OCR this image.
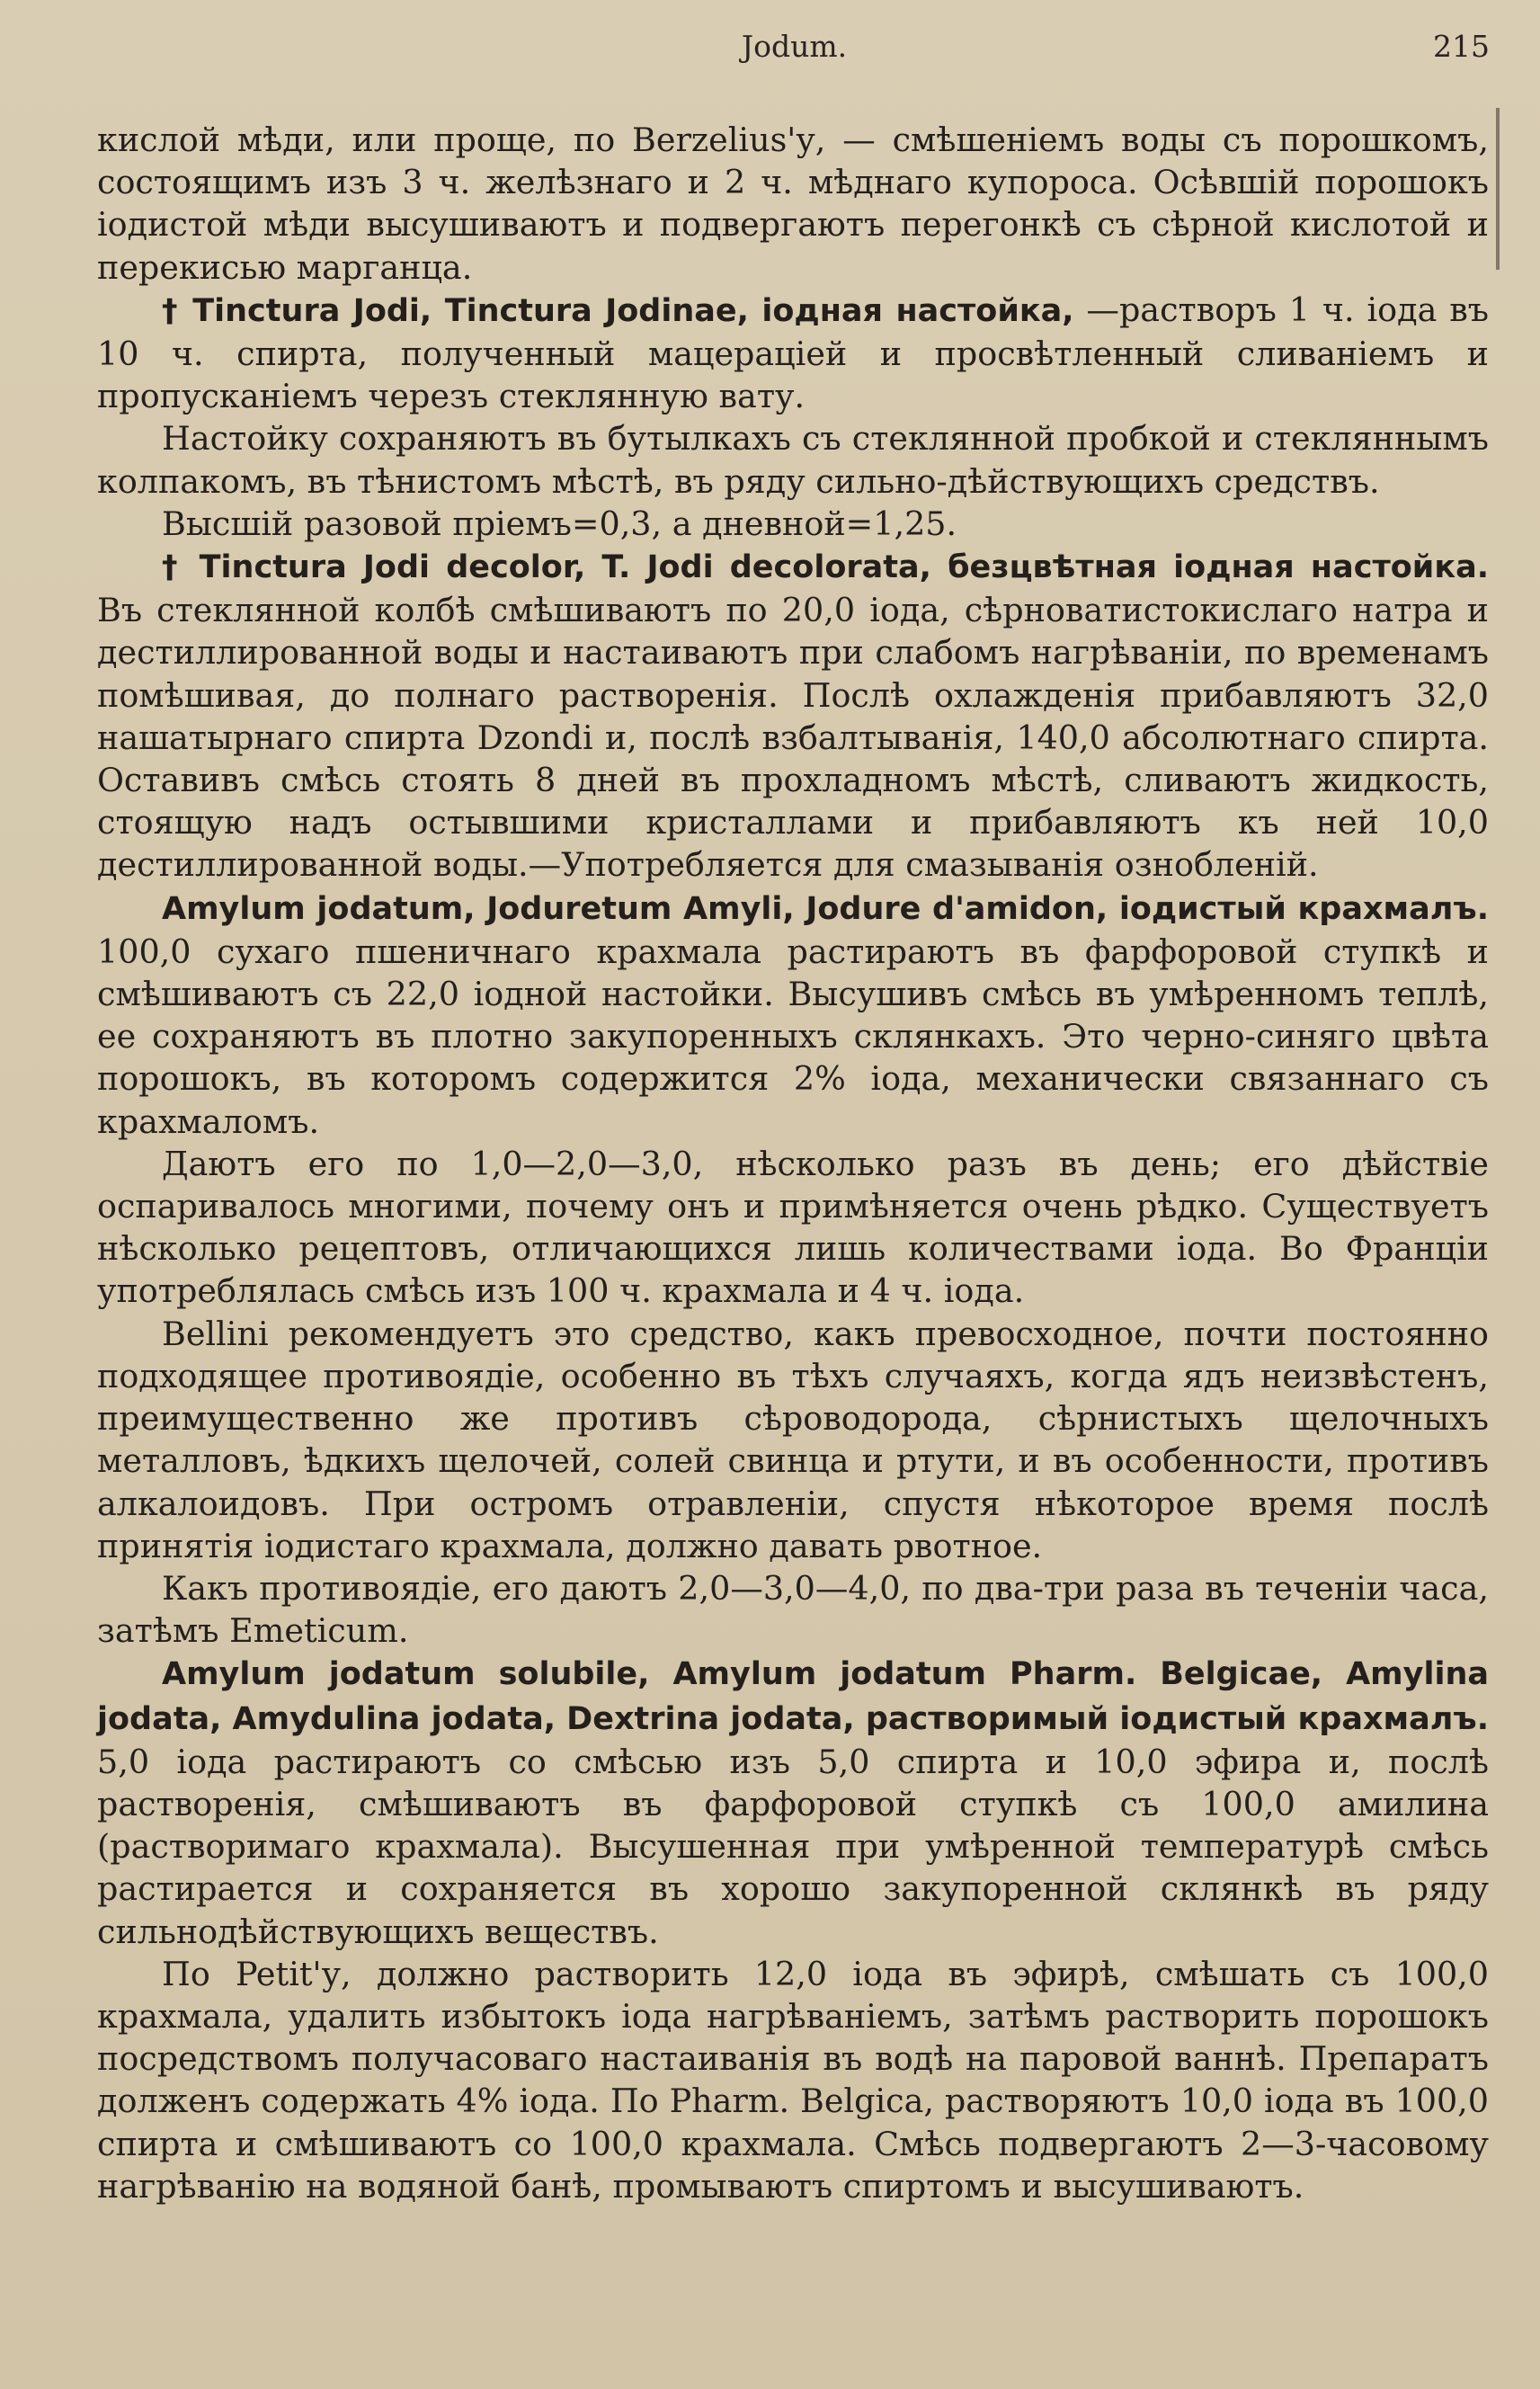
Jodum.	215

кислой мѣди, или проще, по Berzelius'у, — смѣшеніемъ воды съ порошкомъ, состоящимъ изъ 3 ч. желѣзнаго и 2 ч. мѣднаго купороса. Осѣвшій порошокъ іодистой мѣди высушиваютъ и подвергаютъ перегонкѣ съ сѣрной кислотой и перекисью марганца.

† Tinctura Jodi, Tinctura Jodinae, іодная настойка, —растворъ 1 ч. іода въ 10 ч. спирта, полученный мацераціей и просвѣтленный сливаніемъ и пропусканіемъ черезъ стеклянную вату.

Настойку сохраняютъ въ бутылкахъ съ стеклянной пробкой и стекляннымъ колпакомъ, въ тѣнистомъ мѣстѣ, въ ряду сильно-дѣйствующихъ средствъ.

Высшій разовой пріемъ=0,3, а дневной=1,25.

† Tinctura Jodi decolor, T. Jodi decolorata, безцвѣтная іодная настойка. Въ стеклянной колбѣ смѣшиваютъ по 20,0 іода, сѣрноватистокислаго натра и дестиллированной воды и настаиваютъ при слабомъ нагрѣваніи, по временамъ помѣшивая, до полнаго растворенія. Послѣ охлажденія прибавляютъ 32,0 нашатырнаго спирта Dzondi и, послѣ взбалтыванія, 140,0 абсолютнаго спирта. Оставивъ смѣсь стоять 8 дней въ прохладномъ мѣстѣ, сливаютъ жидкость, стоящую надъ остывшими кристаллами и прибавляютъ къ ней 10,0 дестиллированной воды.—Употребляется для смазыванія ознобленій.

Amylum jodatum, Joduretum Amyli, Jodure d'amidon, іодистый крахмалъ. 100,0 сухаго пшеничнаго крахмала растираютъ въ фарфоровой ступкѣ и смѣшиваютъ съ 22,0 іодной настойки. Высушивъ смѣсь въ умѣренномъ теплѣ, ее сохраняютъ въ плотно закупоренныхъ склянкахъ. Это черно-синяго цвѣта порошокъ, въ которомъ содержится 2% іода, механически связаннаго съ крахмаломъ.

Даютъ его по 1,0—2,0—3,0, нѣсколько разъ въ день; его дѣйствіе оспаривалось многими, почему онъ и примѣняется очень рѣдко. Существуетъ нѣсколько рецептовъ, отличающихся лишь количествами іода. Во Франціи употреблялась смѣсь изъ 100 ч. крахмала и 4 ч. іода.

Bellini рекомендуетъ это средство, какъ превосходное, почти постоянно подходящее противоядіе, особенно въ тѣхъ случаяхъ, когда ядъ неизвѣстенъ, преимущественно же противъ сѣроводорода, сѣрнистыхъ щелочныхъ металловъ, ѣдкихъ щелочей, солей свинца и ртути, и въ особенности, противъ алкалоидовъ. При остромъ отравленіи, спустя нѣкоторое время послѣ принятія іодистаго крахмала, должно давать рвотное.

Какъ противоядіе, его даютъ 2,0—3,0—4,0, по два-три раза въ теченіи часа, затѣмъ Emeticum.

Amylum jodatum solubile, Amylum jodatum Pharm. Belgicae, Amylina jodata, Amydulina jodata, Dextrina jodata, растворимый іодистый крахмалъ. 5,0 іода растираютъ со смѣсью изъ 5,0 спирта и 10,0 эфира и, послѣ растворенія, смѣшиваютъ въ фарфоровой ступкѣ съ 100,0 амилина (растворимаго крахмала). Высушенная при умѣренной температурѣ смѣсь растирается и сохраняется въ хорошо закупоренной склянкѣ въ ряду сильнодѣйствующихъ веществъ.

По Petit'у, должно растворить 12,0 іода въ эфирѣ, смѣшать съ 100,0 крахмала, удалить избытокъ іода нагрѣваніемъ, затѣмъ растворить порошокъ посредствомъ получасоваго настаиванія въ водѣ на паровой ваннѣ. Препаратъ долженъ содержать 4% іода. По Pharm. Belgica, растворяютъ 10,0 іода въ 100,0 спирта и смѣшиваютъ со 100,0 крахмала. Смѣсь подвергаютъ 2—3-часовому нагрѣванію на водяной банѣ, промываютъ спиртомъ и высушиваютъ.
